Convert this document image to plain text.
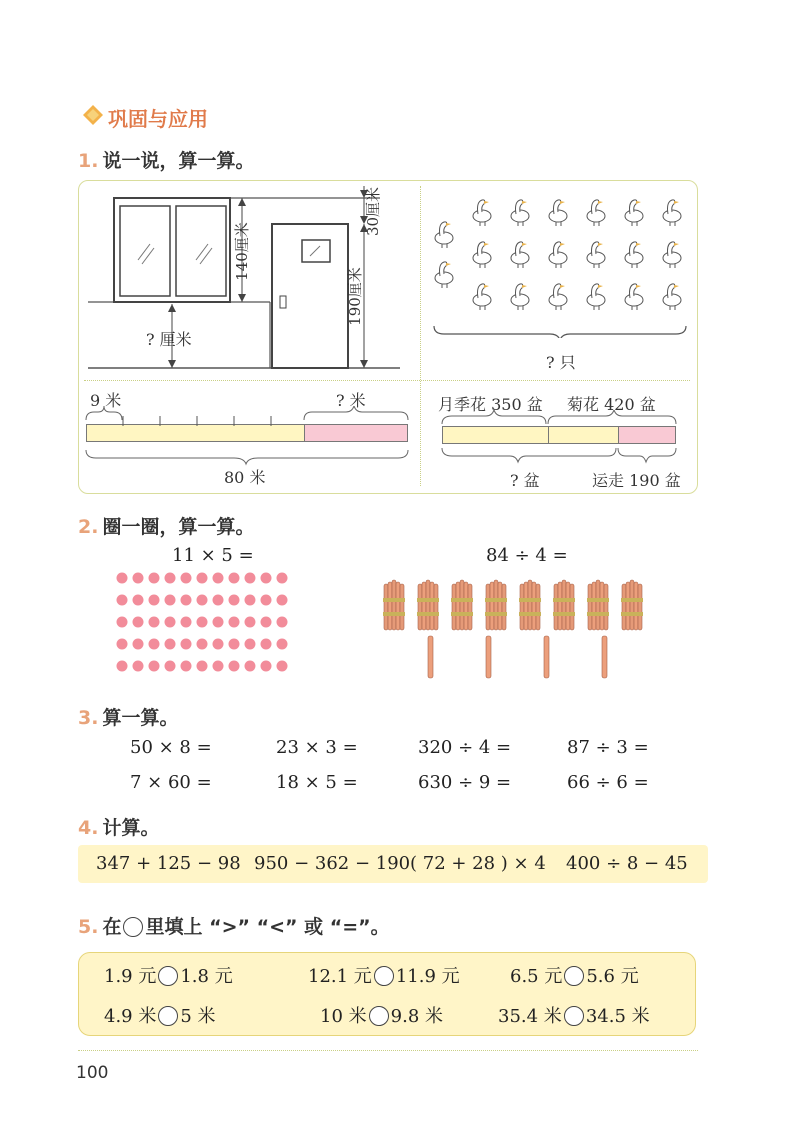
巩固与应用
1. 说一说，算一算。
140厘米
190厘米
30厘米
? 厘米
? 只
9 米	? 米
80 米
月季花 350 盆 菊花 420 盆
? 盆	运走 190 盆
2. 圈一圈，算一算。
11 × 5 =	84 ÷ 4 =
3. 算一算。
50 × 8 =	23 × 3 =	320 ÷ 4 =	87 ÷ 3 =
7 × 60 =	18 × 5 =	630 ÷ 9 =	66 ÷ 6 =
4. 计算。
347 + 125 − 98 950 − 362 − 190 ( 72 + 28 ) × 4 400 ÷ 8 − 45
5. 在 里填上 “>” “<” 或 “=”。
1.9 元 1.8 元	12.1 元 11.9 元	6.5 元 5.6 元
4.9 米 5 米	10 米 9.8 米	35.4 米 34.5 米
100
